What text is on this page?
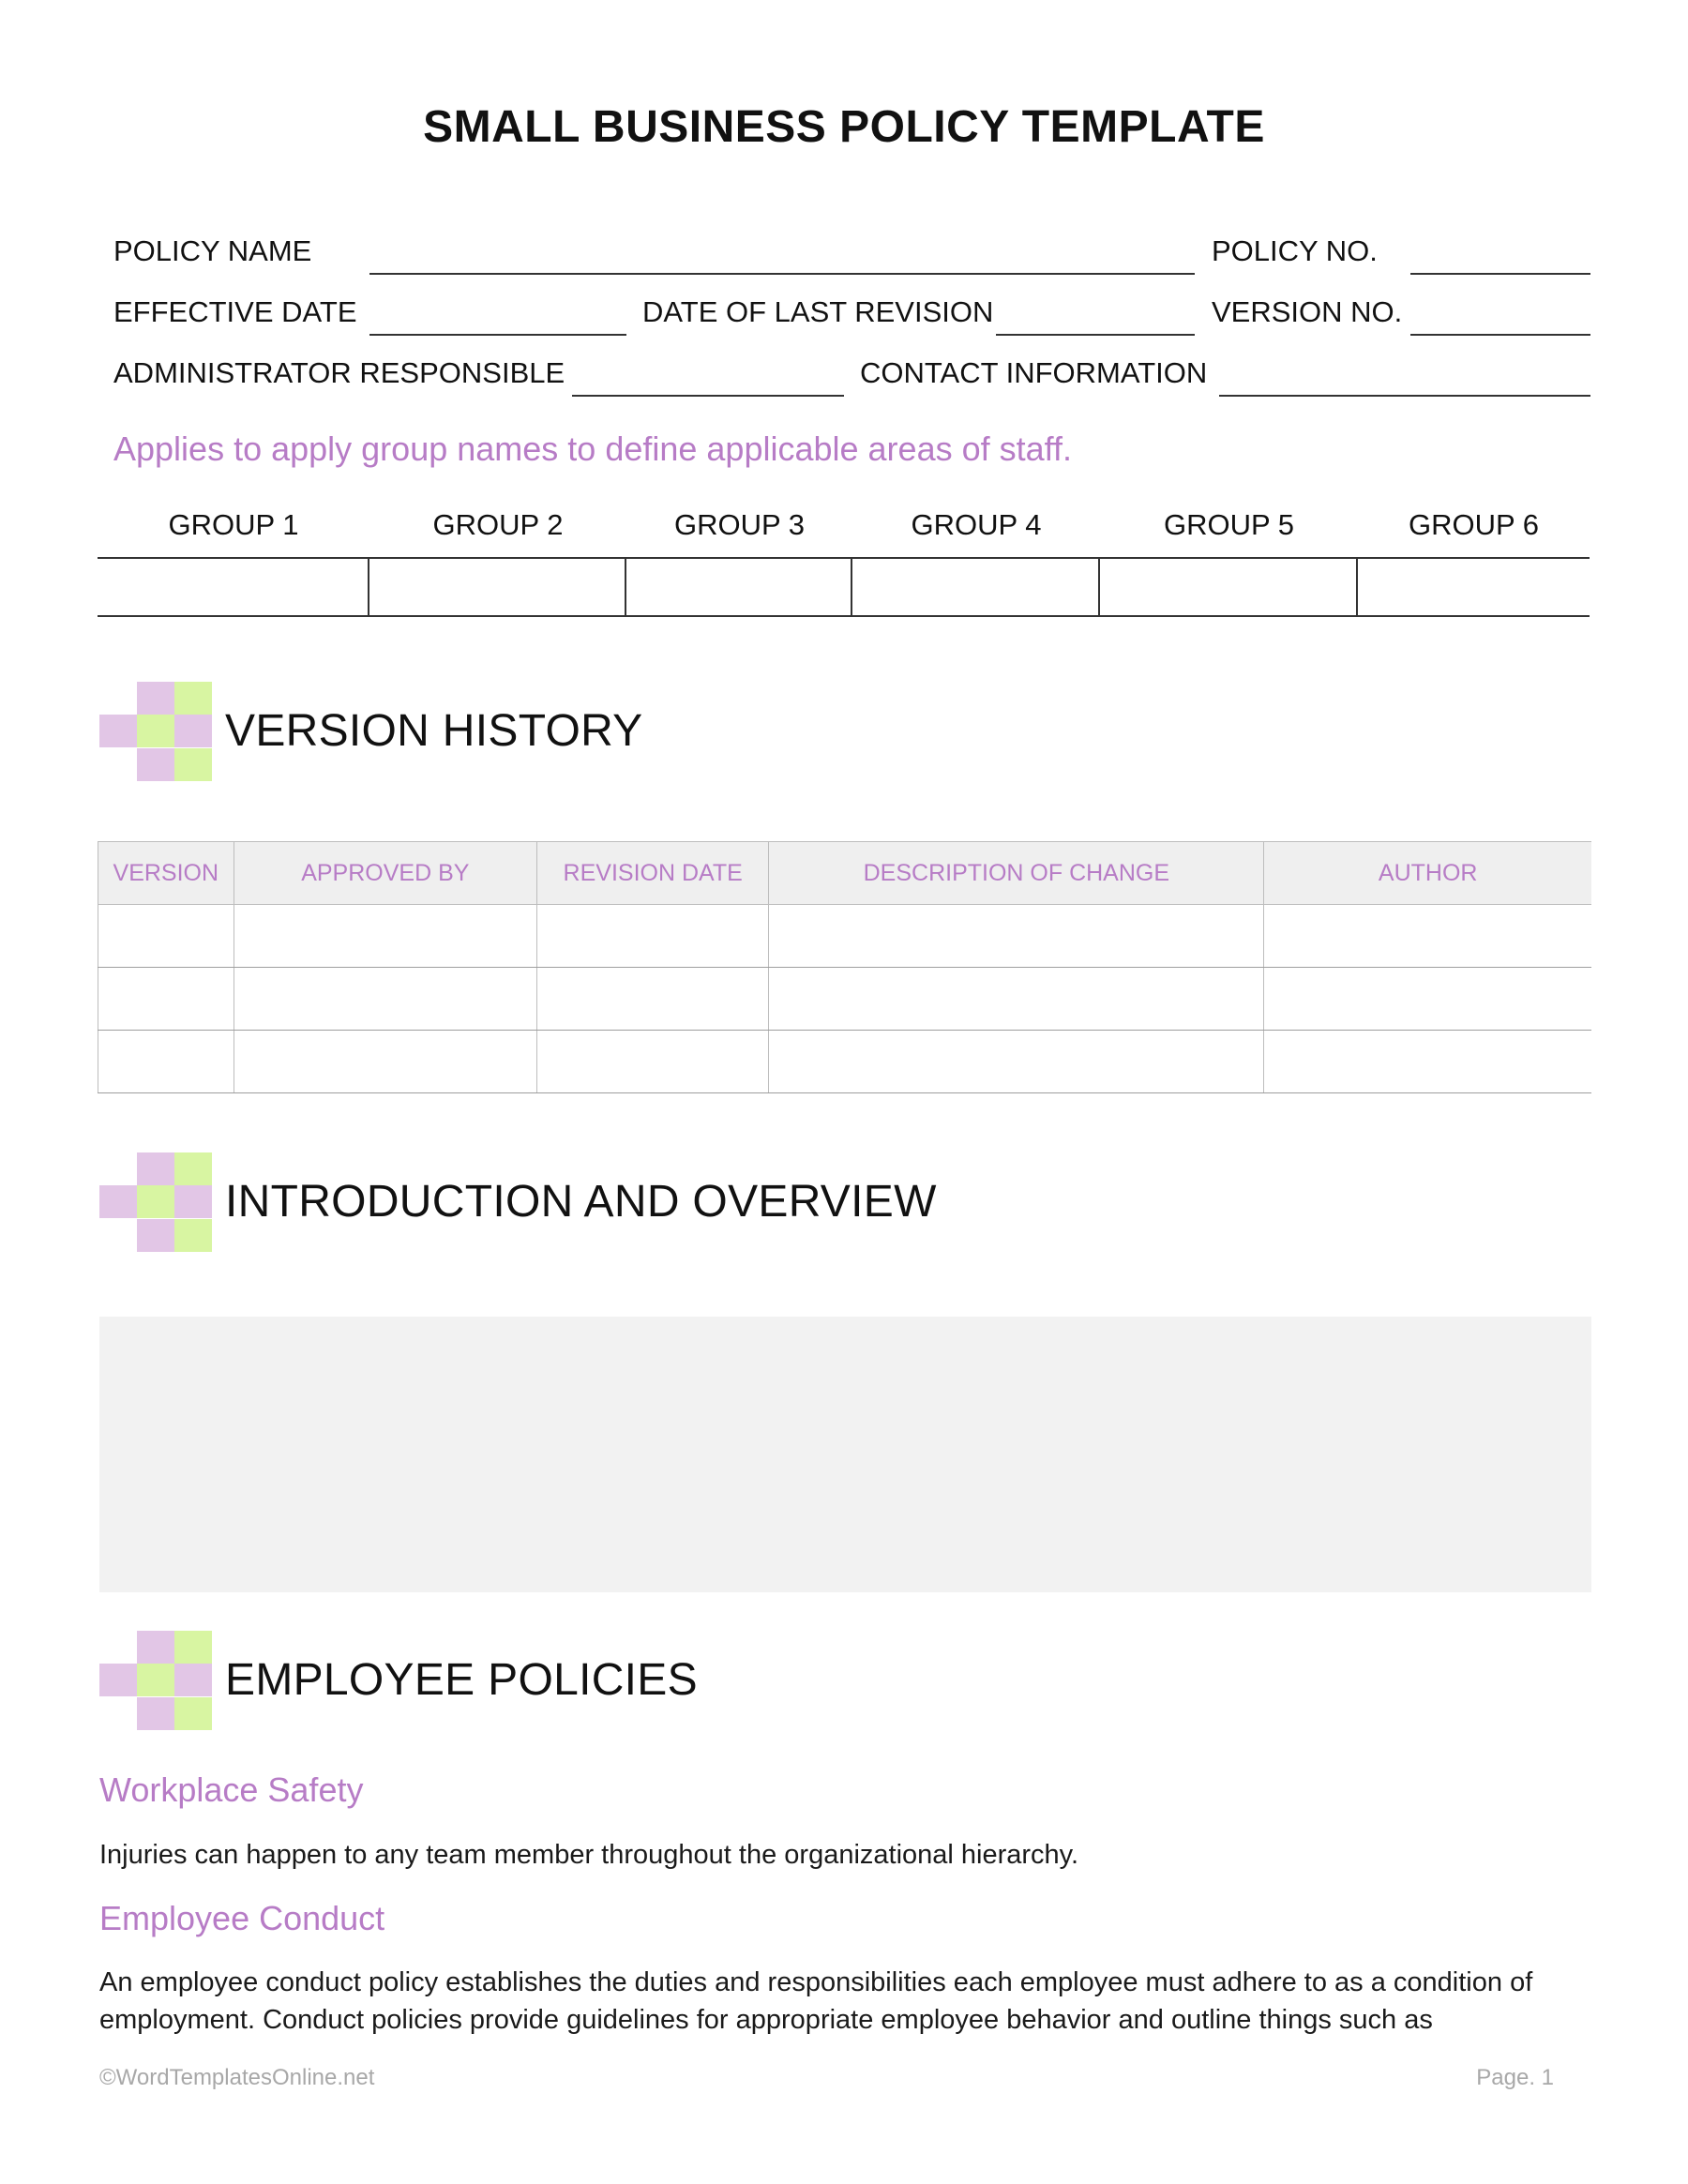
SMALL BUSINESS POLICY TEMPLATE
POLICY NAME	POLICY NO.
EFFECTIVE DATE	DATE OF LAST REVISION	VERSION NO.
ADMINISTRATOR RESPONSIBLE	CONTACT INFORMATION
Applies to apply group names to define applicable areas of staff.
GROUP 1	GROUP 2	GROUP 3	GROUP 4	GROUP 5	GROUP 6
VERSION HISTORY
VERSION	APPROVED BY	REVISION DATE	DESCRIPTION OF CHANGE	AUTHOR

INTRODUCTION AND OVERVIEW
EMPLOYEE POLICIES
Workplace Safety
Injuries can happen to any team member throughout the organizational hierarchy.
Employee Conduct
An employee conduct policy establishes the duties and responsibilities each employee must adhere to as a condition of employment. Conduct policies provide guidelines for appropriate employee behavior and outline things such as
©WordTemplatesOnline.net	Page. 1
